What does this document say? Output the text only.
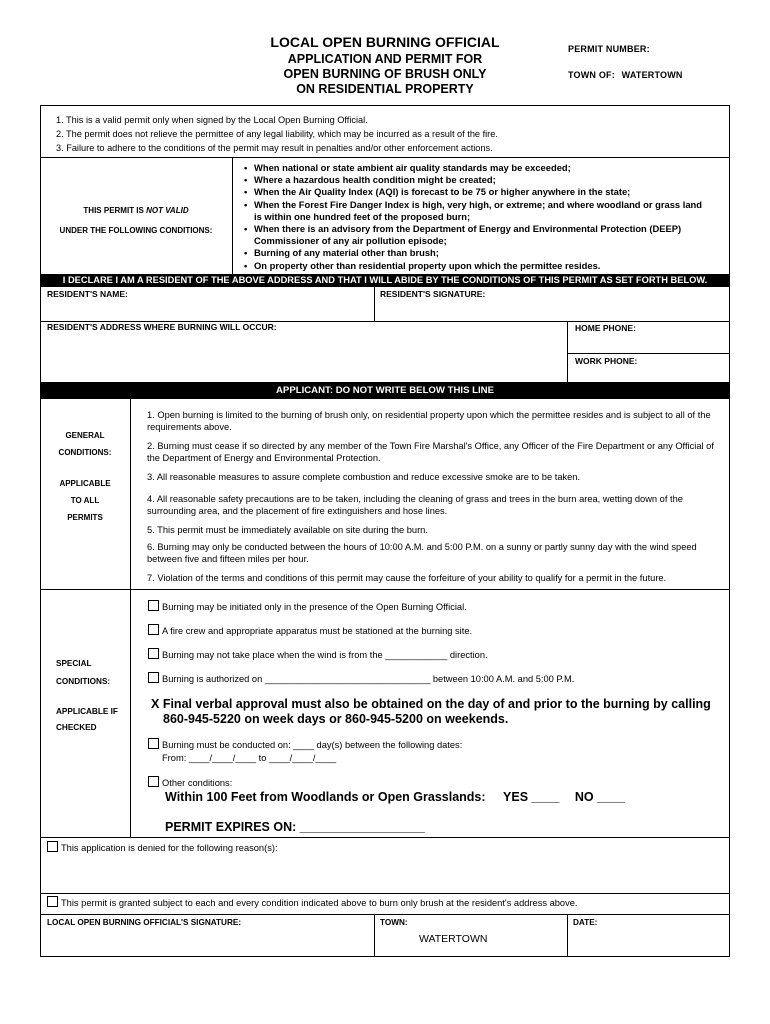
LOCAL OPEN BURNING OFFICIAL
APPLICATION AND PERMIT FOR
OPEN BURNING OF BRUSH ONLY
ON RESIDENTIAL PROPERTY
PERMIT NUMBER:
TOWN OF: WATERTOWN
1. This is a valid permit only when signed by the Local Open Burning Official.
2. The permit does not relieve the permittee of any legal liability, which may be incurred as a result of the fire.
3. Failure to adhere to the conditions of the permit may result in penalties and/or other enforcement actions.
THIS PERMIT IS NOT VALID
UNDER THE FOLLOWING CONDITIONS:
• When national or state ambient air quality standards may be exceeded;
• Where a hazardous health condition might be created;
• When the Air Quality Index (AQI) is forecast to be 75 or higher anywhere in the state;
• When the Forest Fire Danger Index is high, very high, or extreme; and where woodland or grass land is within one hundred feet of the proposed burn;
• When there is an advisory from the Department of Energy and Environmental Protection (DEEP) Commissioner of any air pollution episode;
• Burning of any material other than brush;
• On property other than residential property upon which the permittee resides.
I DECLARE I AM A RESIDENT OF THE ABOVE ADDRESS AND THAT I WILL ABIDE BY THE CONDITIONS OF THIS PERMIT AS SET FORTH BELOW.
RESIDENT'S NAME:	RESIDENT'S SIGNATURE:
RESIDENT'S ADDRESS WHERE BURNING WILL OCCUR:	HOME PHONE:
WORK PHONE:
APPLICANT: DO NOT WRITE BELOW THIS LINE
GENERAL
CONDITIONS:
APPLICABLE
TO ALL
PERMITS
1. Open burning is limited to the burning of brush only, on residential property upon which the permittee resides and is subject to all of the requirements above.
2. Burning must cease if so directed by any member of the Town Fire Marshal's Office, any Officer of the Fire Department or any Official of the Department of Energy and Environmental Protection.
3. All reasonable measures to assure complete combustion and reduce excessive smoke are to be taken.
4. All reasonable safety precautions are to be taken, including the cleaning of grass and trees in the burn area, wetting down of the surrounding area, and the placement of fire extinguishers and hose lines.
5. This permit must be immediately available on site during the burn.
6. Burning may only be conducted between the hours of 10:00 A.M. and 5:00 P.M. on a sunny or partly sunny day with the wind speed between five and fifteen miles per hour.
7. Violation of the terms and conditions of this permit may cause the forfeiture of your ability to qualify for a permit in the future.
SPECIAL
CONDITIONS:
APPLICABLE IF
CHECKED
Burning may be initiated only in the presence of the Open Burning Official.
A fire crew and appropriate apparatus must be stationed at the burning site.
Burning may not take place when the wind is from the ____________ direction.
Burning is authorized on ________________________________ between 10:00 A.M. and 5:00 P.M.
X Final verbal approval must also be obtained on the day of and prior to the burning by calling
860-945-5220 on week days or 860-945-5200 on weekends.
Burning must be conducted on: ____ day(s) between the following dates:
From: ____/____/____ to ____/____/____
Other conditions:
Within 100 Feet from Woodlands or Open Grasslands: YES ____ NO ____
PERMIT EXPIRES ON: __________________
This application is denied for the following reason(s):
This permit is granted subject to each and every condition indicated above to burn only brush at the resident's address above.
LOCAL OPEN BURNING OFFICIAL'S SIGNATURE:	TOWN:
WATERTOWN
DATE:
